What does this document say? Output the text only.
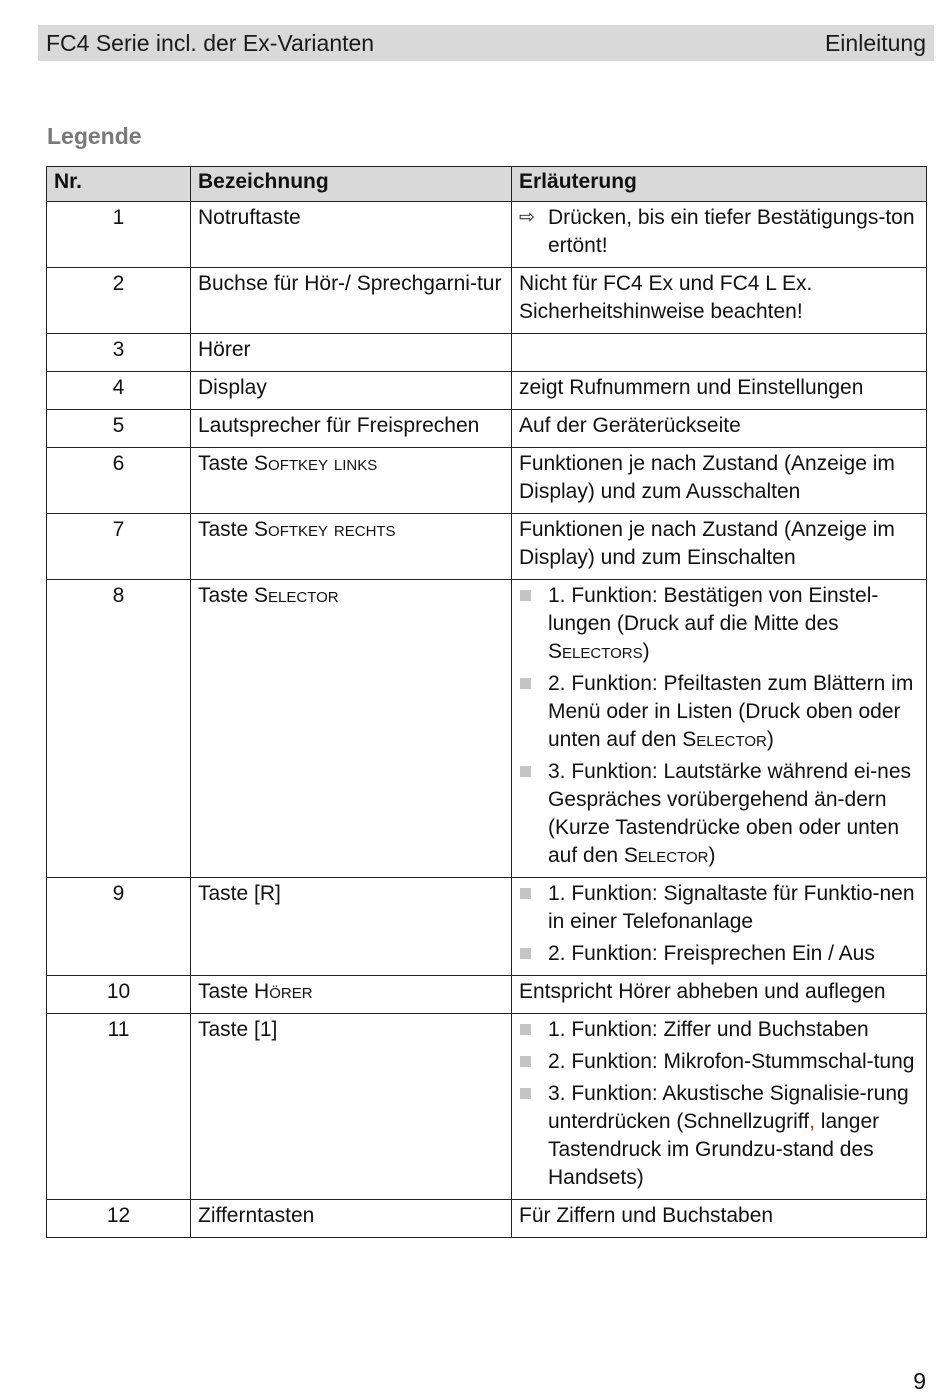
FC4 Serie incl. der Ex-Varianten	Einleitung
Legende
Nr.	Bezeichnung	Erläuterung
1	Notruftaste	⇨ Drücken, bis ein tiefer Bestätigungs-ton ertönt!

2	Buchse für Hör-/ Sprechgarni-tur	Nicht für FC4 Ex und FC4 L Ex. Sicherheitshinweise beachten!
3	Hörer	
4	Display	zeigt Rufnummern und Einstellungen
5	Lautsprecher für Freisprechen	Auf der Geräterückseite
6	Taste Softkey links	Funktionen je nach Zustand (Anzeige im Display) und zum Ausschalten
7	Taste Softkey rechts	Funktionen je nach Zustand (Anzeige im Display) und zum Einschalten
8	Taste Selector	1. Funktion: Bestätigen von Einstel-lungen (Druck auf die Mitte des Selectors)
2. Funktion: Pfeiltasten zum Blättern im Menü oder in Listen (Druck oben oder unten auf den Selector)
3. Funktion: Lautstärke während ei-nes Gespräches vorübergehend än-dern (Kurze Tastendrücke oben oder unten auf den Selector)

9	Taste [R]	1. Funktion: Signaltaste für Funktio-nen in einer Telefonanlage
2. Funktion: Freisprechen Ein / Aus

10	Taste Hörer	Entspricht Hörer abheben und auflegen
11	Taste [1]	1. Funktion: Ziffer und Buchstaben
2. Funktion: Mikrofon-Stummschal-tung
3. Funktion: Akustische Signalisie-rung unterdrücken (Schnellzugriff, langer Tastendruck im Grundzu-stand des Handsets)

12	Zifferntasten	Für Ziffern und Buchstaben
9
